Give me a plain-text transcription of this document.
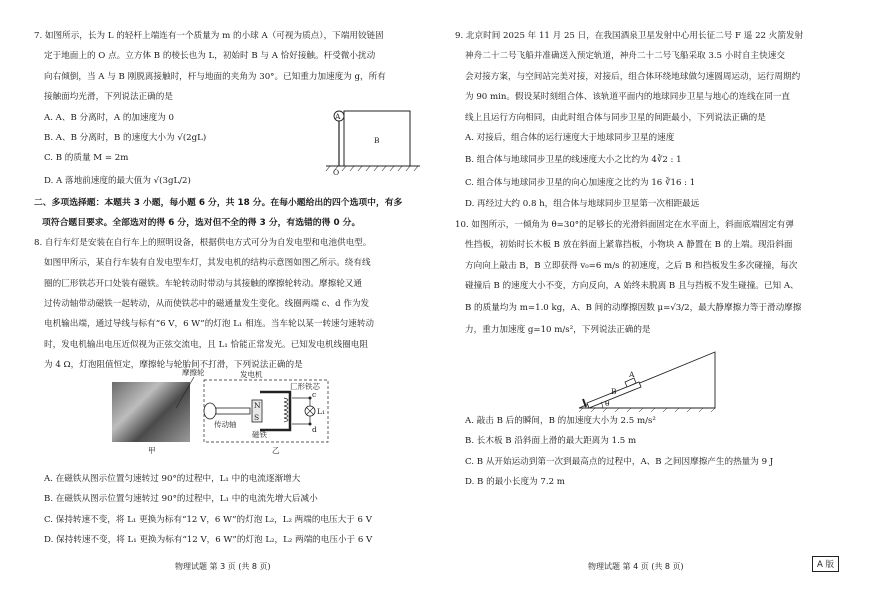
7. 如图所示，长为 L 的轻杆上端连有一个质量为 m 的小球 A（可视为质点），下端用铰链固

定于地面上的 O 点。立方体 B 的棱长也为 L，初始时 B 与 A 恰好接触。杆受微小扰动

向右倾倒，当 A 与 B 刚脱离接触时，杆与地面的夹角为 30°。已知重力加速度为 g，所有

接触面均光滑，下列说法正确的是

A. A、B 分离时，A 的加速度为 0

B. A、B 分离时，B 的速度大小为 √(2gL)

C. B 的质量 M = 2m

D. A 落地前速度的最大值为 √(3gL/2)

二、多项选择题：本题共 3 小题，每小题 6 分，共 18 分。在每小题给出的四个选项中，有多

项符合题目要求。全部选对的得 6 分，选对但不全的得 3 分，有选错的得 0 分。

8. 自行车灯是安装在自行车上的照明设备，根据供电方式可分为自发电型和电池供电型。

如图甲所示，某自行车装有自发电型车灯，其发电机的结构示意图如图乙所示。绕有线

圈的匚形铁芯开口处装有磁铁。车轮转动时带动与其接触的摩擦轮转动。摩擦轮又通

过传动轴带动磁铁一起转动，从而使铁芯中的磁通量发生变化。线圈两端 c、d 作为发

电机输出端，通过导线与标有“6 V，6 W”的灯泡 L₁ 相连。当车轮以某一转速匀速转动

时，发电机输出电压近似视为正弦交流电，且 L₁ 恰能正常发光。已知发电机线圈电阻

为 4 Ω，灯泡阻值恒定，摩擦轮与轮胎间不打滑，下列说法正确的是

A. 在磁铁从图示位置匀速转过 90°的过程中，L₁ 中的电流逐渐增大

B. 在磁铁从图示位置匀速转过 90°的过程中，L₁ 中的电流先增大后减小

C. 保持转速不变，将 L₁ 更换为标有“12 V，6 W”的灯泡 L₂，L₂ 两端的电压大于 6 V

D. 保持转速不变，将 L₁ 更换为标有“12 V，6 W”的灯泡 L₂，L₂ 两端的电压小于 6 V

A
B
O
摩擦轮	发电机
匚形铁芯
传动轴
磁铁
N
S
c
d
L₁
甲	乙
物理试题 第 3 页 (共 8 页)

9. 北京时间 2025 年 11 月 25 日，在我国酒泉卫星发射中心用长征二号 F 遥 22 火箭发射

神舟二十二号飞船并准确送入预定轨道，神舟二十二号飞船采取 3.5 小时自主快速交

会对接方案，与空间站完美对接，对接后，组合体环绕地球做匀速圆周运动，运行周期约

为 90 min。假设某时刻组合体、该轨道平面内的地球同步卫星与地心的连线在同一直

线上且运行方向相同，由此时组合体与同步卫星的间距最小，下列说法正确的是

A. 对接后，组合体的运行速度大于地球同步卫星的速度

B. 组合体与地球同步卫星的线速度大小之比约为 4∛2 : 1

C. 组合体与地球同步卫星的向心加速度之比约为 16 ∛16 : 1

D. 再经过大约 0.8 h，组合体与地球同步卫星第一次相距最远

10. 如图所示，一倾角为 θ=30°的足够长的光滑斜面固定在水平面上，斜面底端固定有弹

性挡板，初始时长木板 B 放在斜面上紧靠挡板，小物块 A 静置在 B 的上端。现沿斜面

方向向上敲击 B，B 立即获得 v₀=6 m/s 的初速度，之后 B 和挡板发生多次碰撞，每次

碰撞后 B 的速度大小不变，方向反向，A 始终未脱离 B 且与挡板不发生碰撞。已知 A、

B 的质量均为 m=1.0 kg，A、B 间的动摩擦因数 μ=√3/2，最大静摩擦力等于滑动摩擦

力，重力加速度 g=10 m/s²，下列说法正确的是

A. 敲击 B 后的瞬间，B 的加速度大小为 2.5 m/s²

B. 长木板 B 沿斜面上滑的最大距离为 1.5 m

C. B 从开始运动到第一次到最高点的过程中，A、B 之间因摩擦产生的热量为 9 J

D. B 的最小长度为 7.2 m

A
B
θ
物理试题 第 4 页 (共 8 页)	A 版
